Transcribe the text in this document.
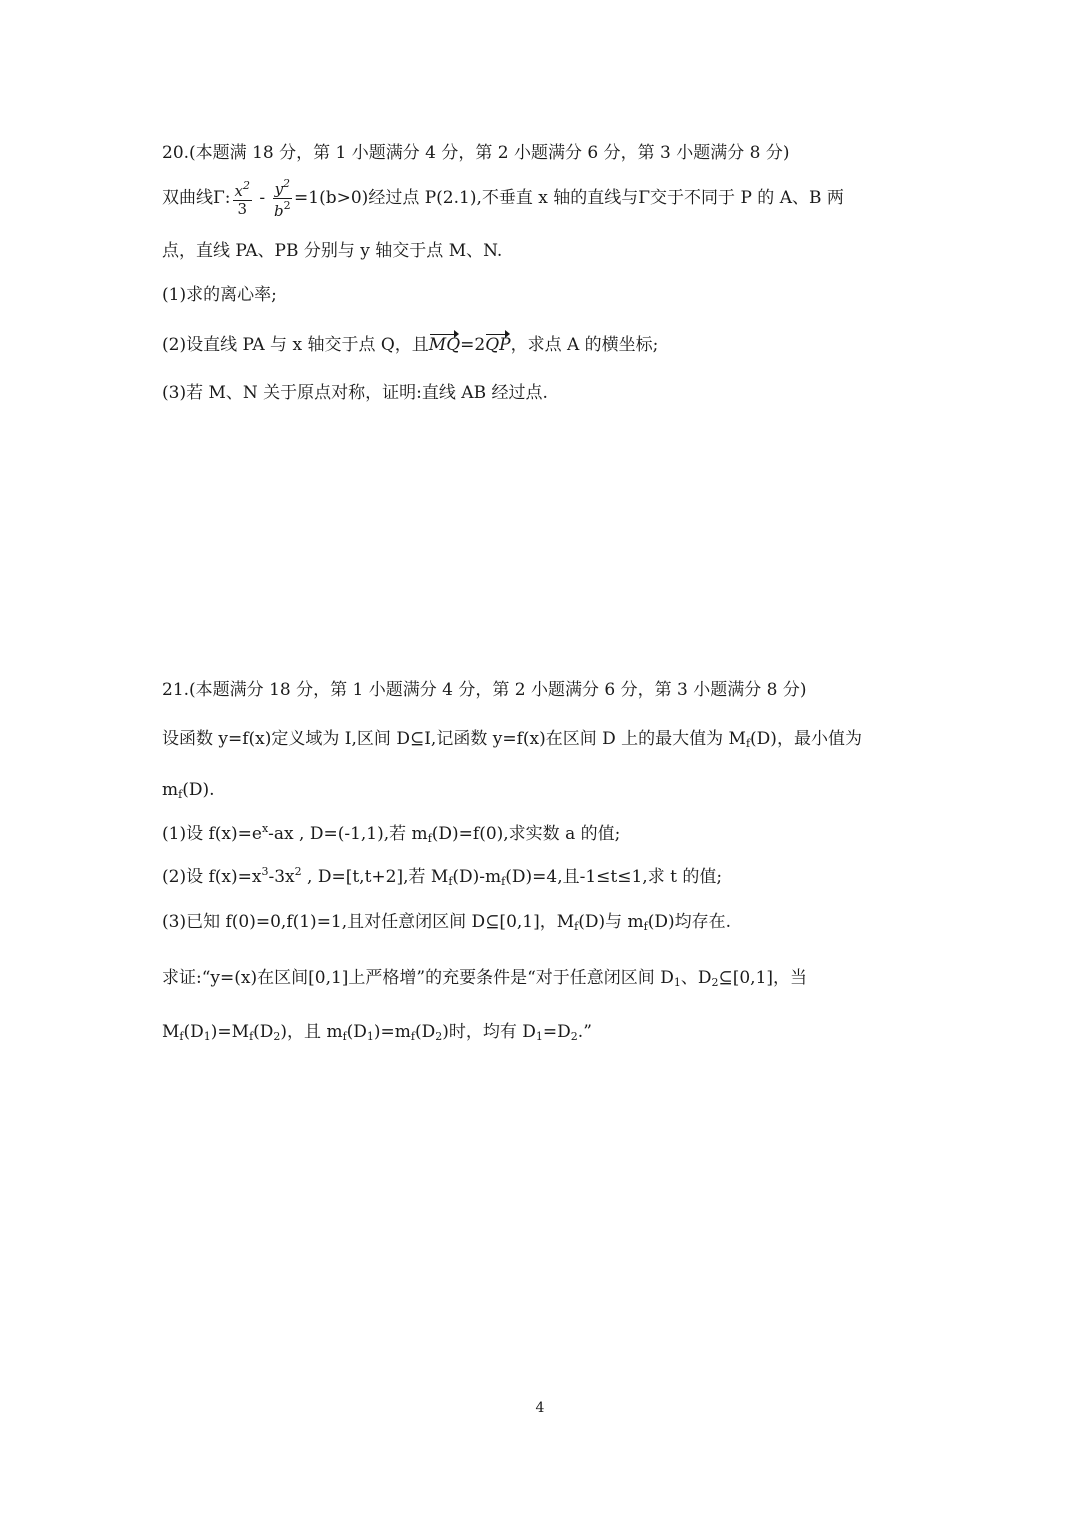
20.(本题满 18 分，第 1 小题满分 4 分，第 2 小题满分 6 分，第 3 小题满分 8 分)
双曲线Γ: $\frac{x^2}{3} - \frac{y^2}{b^2} =1(b>0)$经过点 P(2.1),不垂直 x 轴的直线与Γ交于不同于 P 的 A、B 两
点，直线 PA、PB 分别与 y 轴交于点 M、N.
(1)求的离心率;
(2)设直线 PA 与 x 轴交于点 Q，且MQ=2QP，求点 A 的横坐标;
(3)若 M、N 关于原点对称，证明:直线 AB 经过点.
21.(本题满分 18 分，第 1 小题满分 4 分，第 2 小题满分 6 分，第 3 小题满分 8 分)
设函数 y=f(x)定义域为 I,区间 D⊆I,记函数 y=f(x)在区间 D 上的最大值为 $M_f(D)$，最小值为
$m_f(D)$.
(1)设 $f(x)=e^x-ax$ , D=(-1,1),若 $m_f(D)=f(0)$,求实数 a 的值;
(2)设 $f(x)=x^3-3x^2$ , D=[t,t+2],若 $M_f(D)-m_f(D)=4$,且-1≤t≤1,求 t 的值;
(3)已知 f(0)=0,f(1)=1,且对任意闭区间 D⊆[0,1]，$M_f(D)$与 $m_f(D)$均存在.
求证:“y=(x)在区间[0,1]上严格增”的充要条件是“对于任意闭区间 $D_1$、$D_2⊆[0,1]$，当
$M_f(D_1)=M_f(D_2)$，且 $m_f(D_1)=m_f(D_2)$时，均有 $D_1=D_2$.”
4
